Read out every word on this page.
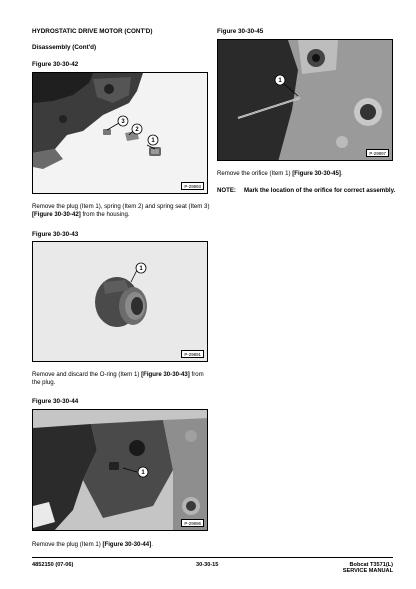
HYDROSTATIC DRIVE MOTOR (CONT'D)
Disassembly (Cont'd)
Figure 30-30-42
3
2
1
P-29893
Remove the plug (Item 1), spring (Item 2) and spring seat (Item 3) [Figure 30-30-42] from the housing.
Figure 30-30-43
1
P-29891
Remove and discard the O-ring (Item 1) [Figure 30-30-43] from the plug.
Figure 30-30-44
1
P-29896
Remove the plug (Item 1) [Figure 30-30-44].
Figure 30-30-45
1
P-29897
Remove the orifice (Item 1) [Figure 30-30-45].
NOTE: Mark the location of the orifice for correct assembly.
4852150 (07-06)	30-30-15	Bobcat T3571(L)
SERVICE MANUAL
